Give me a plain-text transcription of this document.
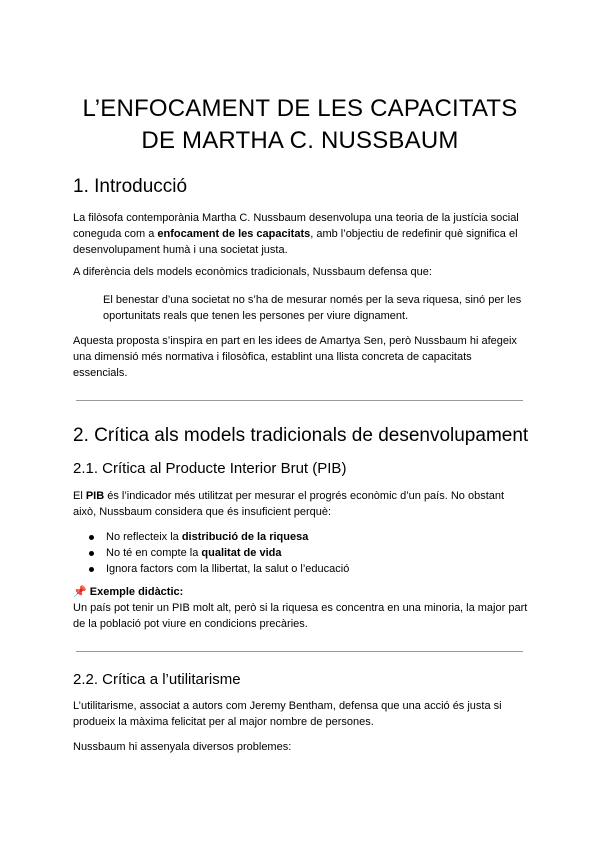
L’ENFOCAMENT DE LES CAPACITATS
DE MARTHA C. NUSSBAUM
1. Introducció

La filòsofa contemporània Martha C. Nussbaum desenvolupa una teoria de la justícia social coneguda com a enfocament de les capacitats, amb l’objectiu de redefinir què significa el desenvolupament humà i una societat justa.

A diferència dels models econòmics tradicionals, Nussbaum defensa que:

El benestar d’una societat no s’ha de mesurar només per la seva riquesa, sinó per les oportunitats reals que tenen les persones per viure dignament.

Aquesta proposta s’inspira en part en les idees de Amartya Sen, però Nussbaum hi afegeix una dimensió més normativa i filosòfica, establint una llista concreta de capacitats essencials.

2. Crítica als models tradicionals de desenvolupament
2.1. Crítica al Producte Interior Brut (PIB)

El PIB és l’indicador més utilitzat per mesurar el progrés econòmic d’un país. No obstant això, Nussbaum considera que és insuficient perquè:

No reflecteix la distribució de la riquesa
No té en compte la qualitat de vida
Ignora factors com la llibertat, la salut o l’educació

📌 Exemple didàctic:
Un país pot tenir un PIB molt alt, però si la riquesa es concentra en una minoria, la major part de la població pot viure en condicions precàries.

2.2. Crítica a l’utilitarisme

L’utilitarisme, associat a autors com Jeremy Bentham, defensa que una acció és justa si produeix la màxima felicitat per al major nombre de persones.

Nussbaum hi assenyala diversos problemes:
